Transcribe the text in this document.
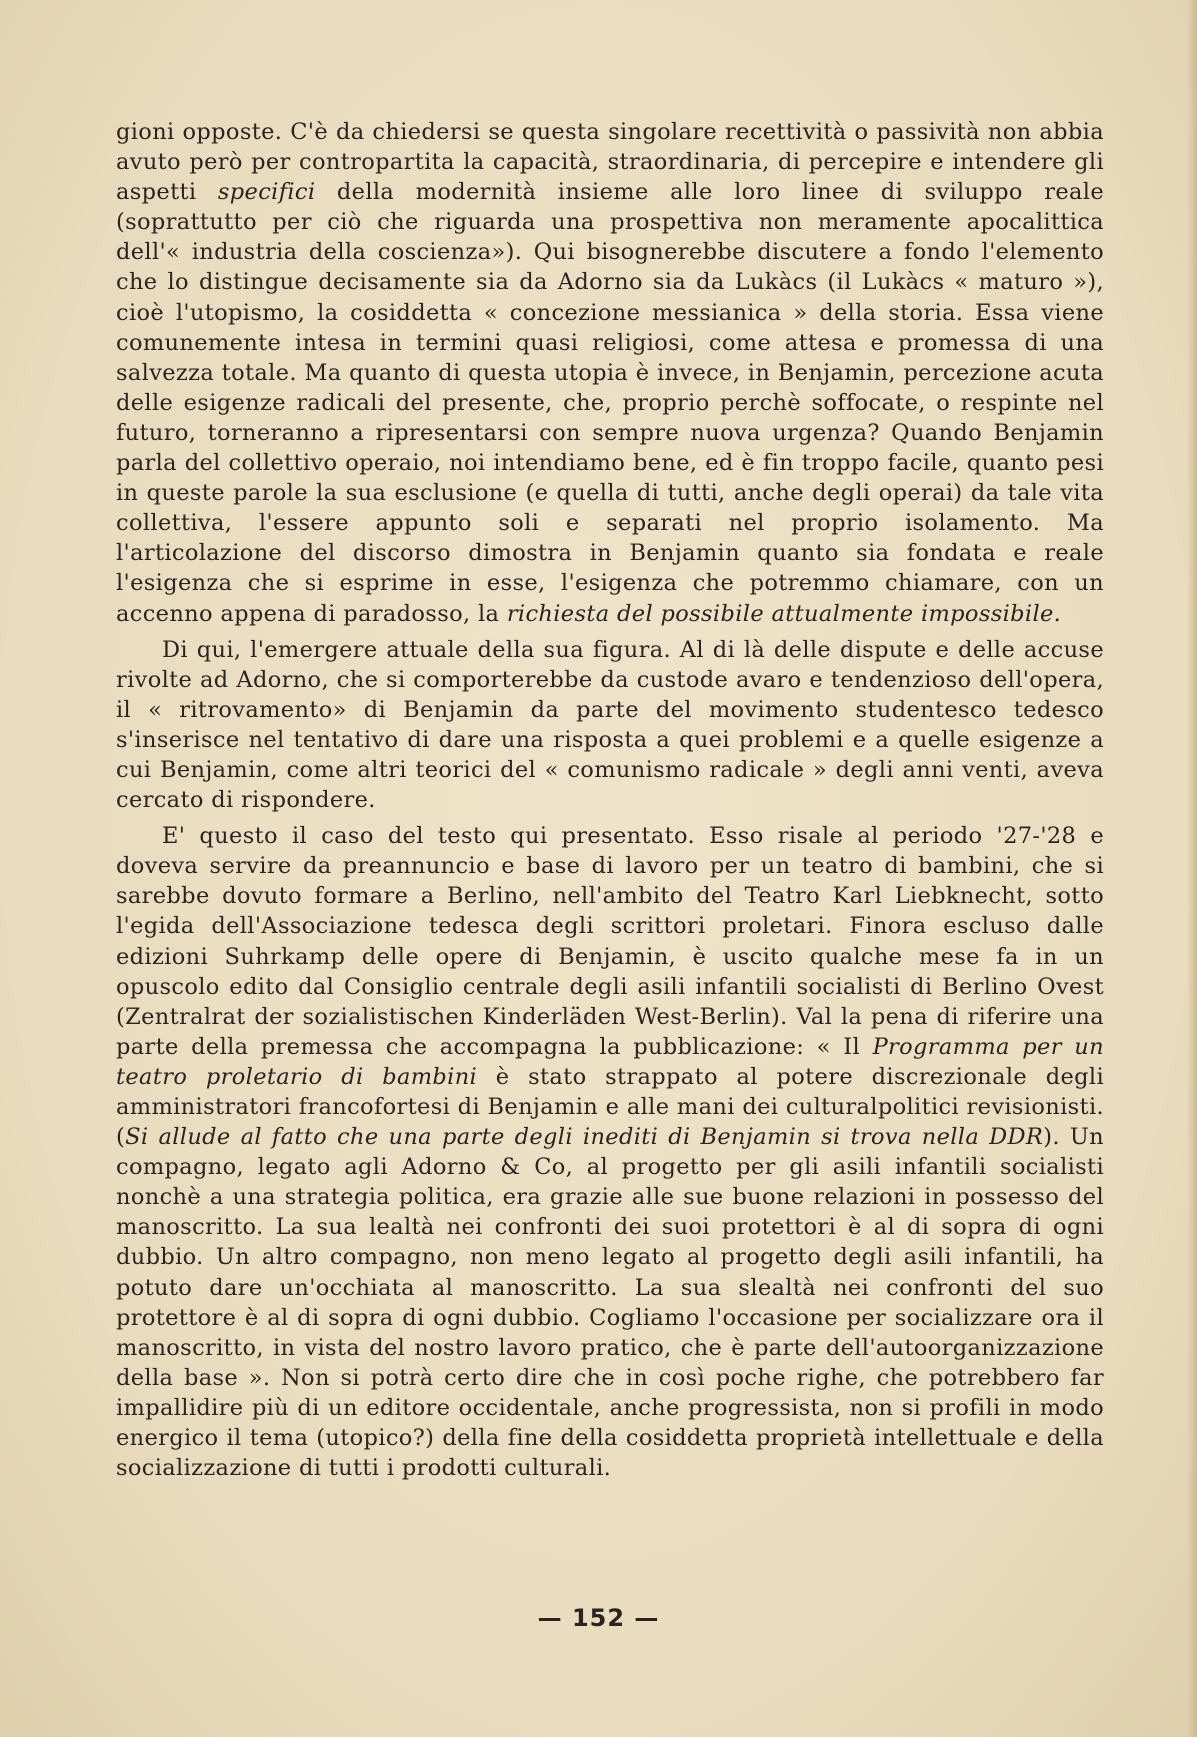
gioni opposte. C'è da chiedersi se questa singolare recettività o passività non abbia avuto però per contropartita la capacità, straordinaria, di percepire e intendere gli aspetti specifici della modernità insieme alle loro linee di sviluppo reale (soprattutto per ciò che riguarda una prospettiva non meramente apocalittica dell'« industria della coscienza»). Qui bisognerebbe discutere a fondo l'elemento che lo distingue decisamente sia da Adorno sia da Lukàcs (il Lukàcs « maturo »), cioè l'utopismo, la cosiddetta « concezione messianica » della storia. Essa viene comunemente intesa in termini quasi religiosi, come attesa e promessa di una salvezza totale. Ma quanto di questa utopia è invece, in Benjamin, percezione acuta delle esigenze radicali del presente, che, proprio perchè soffocate, o respinte nel futuro, torneranno a ripresentarsi con sempre nuova urgenza? Quando Benjamin parla del collettivo operaio, noi intendiamo bene, ed è fin troppo facile, quanto pesi in queste parole la sua esclusione (e quella di tutti, anche degli operai) da tale vita collettiva, l'essere appunto soli e separati nel proprio isolamento. Ma l'articolazione del discorso dimostra in Benjamin quanto sia fondata e reale l'esigenza che si esprime in esse, l'esigenza che potremmo chiamare, con un accenno appena di paradosso, la richiesta del possibile attualmente impossibile.

Di qui, l'emergere attuale della sua figura. Al di là delle dispute e delle accuse rivolte ad Adorno, che si comporterebbe da custode avaro e tendenzioso dell'opera, il « ritrovamento» di Benjamin da parte del movimento studentesco tedesco s'inserisce nel tentativo di dare una risposta a quei problemi e a quelle esigenze a cui Benjamin, come altri teorici del « comunismo radicale » degli anni venti, aveva cercato di rispondere.

E' questo il caso del testo qui presentato. Esso risale al periodo '27-'28 e doveva servire da preannuncio e base di lavoro per un teatro di bambini, che si sarebbe dovuto formare a Berlino, nell'ambito del Teatro Karl Liebknecht, sotto l'egida dell'Associazione tedesca degli scrittori proletari. Finora escluso dalle edizioni Suhrkamp delle opere di Benjamin, è uscito qualche mese fa in un opuscolo edito dal Consiglio centrale degli asili infantili socialisti di Berlino Ovest (Zentralrat der sozialistischen Kinderläden West-Berlin). Val la pena di riferire una parte della premessa che accompagna la pubblicazione: « Il Programma per un teatro proletario di bambini è stato strappato al potere discrezionale degli amministratori francofortesi di Benjamin e alle mani dei culturalpolitici revisionisti. (Si allude al fatto che una parte degli inediti di Benjamin si trova nella DDR). Un compagno, legato agli Adorno & Co, al progetto per gli asili infantili socialisti nonchè a una strategia politica, era grazie alle sue buone relazioni in possesso del manoscritto. La sua lealtà nei confronti dei suoi protettori è al di sopra di ogni dubbio. Un altro compagno, non meno legato al progetto degli asili infantili, ha potuto dare un'occhiata al manoscritto. La sua slealtà nei confronti del suo protettore è al di sopra di ogni dubbio. Cogliamo l'occasione per socializzare ora il manoscritto, in vista del nostro lavoro pratico, che è parte dell'autoorganizzazione della base ». Non si potrà certo dire che in così poche righe, che potrebbero far impallidire più di un editore occidentale, anche progressista, non si profili in modo energico il tema (utopico?) della fine della cosiddetta proprietà intellettuale e della socializzazione di tutti i prodotti culturali.

— 152 —
